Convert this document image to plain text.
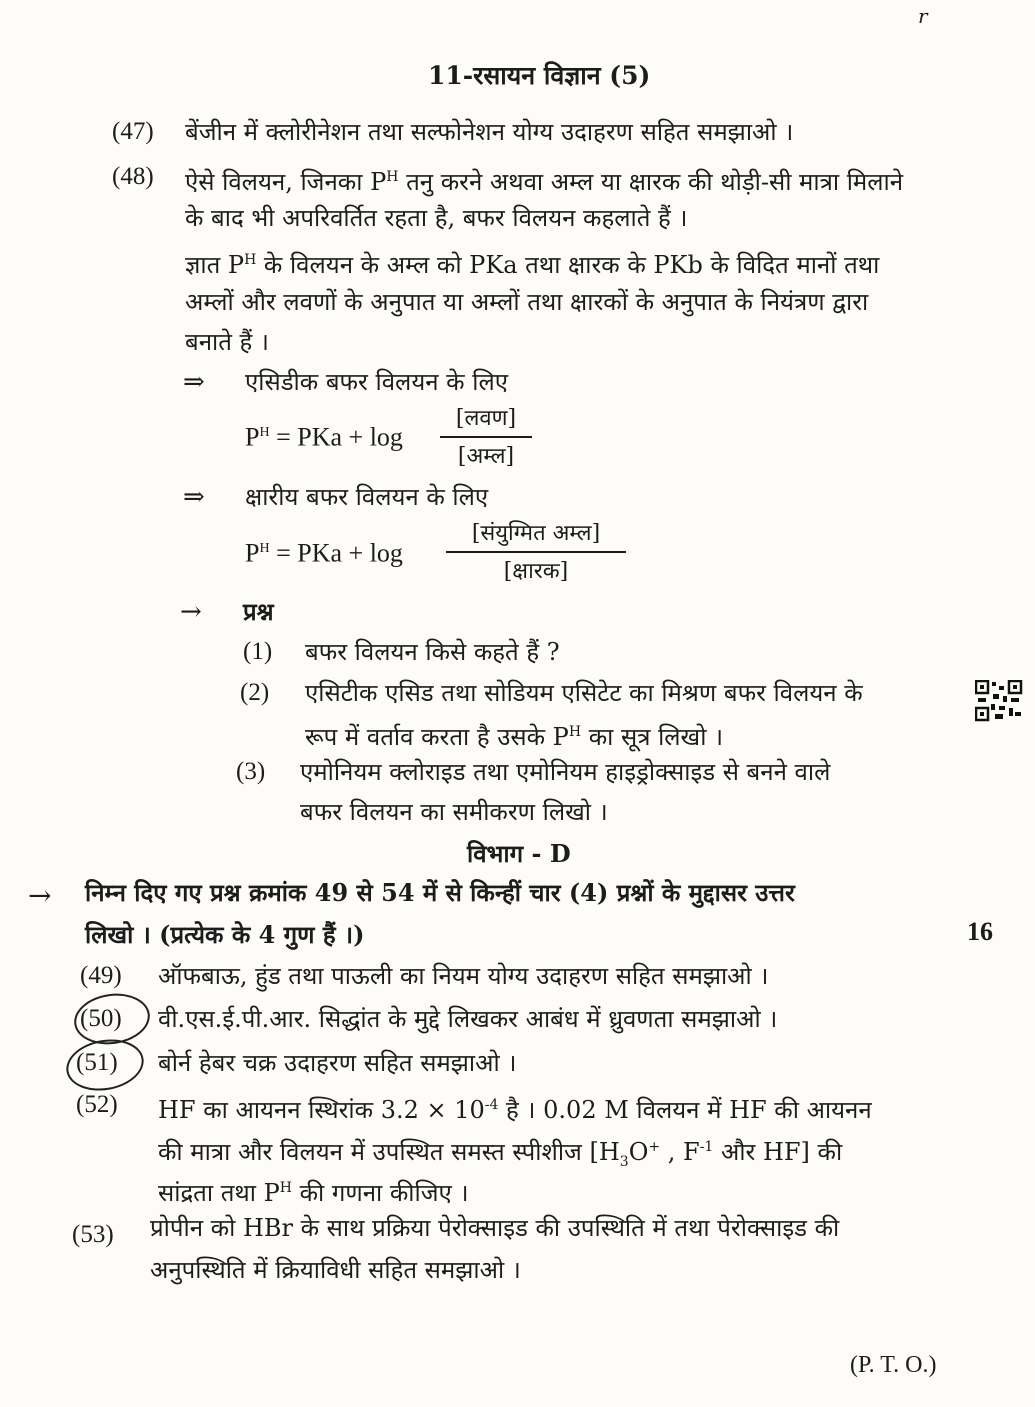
r
11-रसायन विज्ञान (5)
(47) बेंजीन में क्लोरीनेशन तथा सल्फोनेशन योग्य उदाहरण सहित समझाओ ।
(48) ऐसे विलयन, जिनका $P^H$ तनु करने अथवा अम्ल या क्षारक की थोड़ी-सी मात्रा मिलाने
के बाद भी अपरिवर्तित रहता है, बफर विलयन कहलाते हैं ।
ज्ञात $P^H$ के विलयन के अम्ल को PKa तथा क्षारक के PKb के विदित मानों तथा
अम्लों और लवणों के अनुपात या अम्लों तथा क्षारकों के अनुपात के नियंत्रण द्वारा
बनाते हैं ।
⇒ एसिडीक बफर विलयन के लिए
$P^H$ = PKa + log
[लवण]
[अम्ल]
⇒ क्षारीय बफर विलयन के लिए
$P^H$ = PKa + log
[संयुग्मित अम्ल]
[क्षारक]
→ प्रश्न
(1) बफर विलयन किसे कहते हैं ?
(2) एसिटीक एसिड तथा सोडियम एसिटेट का मिश्रण बफर विलयन के
रूप में वर्ताव करता है उसके $P^H$ का सूत्र लिखो ।
(3) एमोनियम क्लोराइड तथा एमोनियम हाइड्रोक्साइड से बनने वाले
बफर विलयन का समीकरण लिखो ।
विभाग - D
→ निम्न दिए गए प्रश्न क्रमांक 49 से 54 में से किन्हीं चार (4) प्रश्नों के मुद्दासर उत्तर
लिखो । (प्रत्येक के 4 गुण हैं ।)	16
(49) ऑफबाऊ, हुंड तथा पाऊली का नियम योग्य उदाहरण सहित समझाओ ।
(50) वी.एस.ई.पी.आर. सिद्धांत के मुद्दे लिखकर आबंध में ध्रुवणता समझाओ ।
(51) बोर्न हेबर चक्र उदाहरण सहित समझाओ ।
(52) HF का आयनन स्थिरांक $3.2 \times 10^{-4}$ है । 0.02 M विलयन में HF की आयनन
की मात्रा और विलयन में उपस्थित समस्त स्पीशीज [$H_3O^+$ , $F^{-1}$ और HF] की
सांद्रता तथा $P^H$ की गणना कीजिए ।
(53) प्रोपीन को HBr के साथ प्रक्रिया पेरोक्साइड की उपस्थिति में तथा पेरोक्साइड की
अनुपस्थिति में क्रियाविधी सहित समझाओ ।
(P. T. O.)
